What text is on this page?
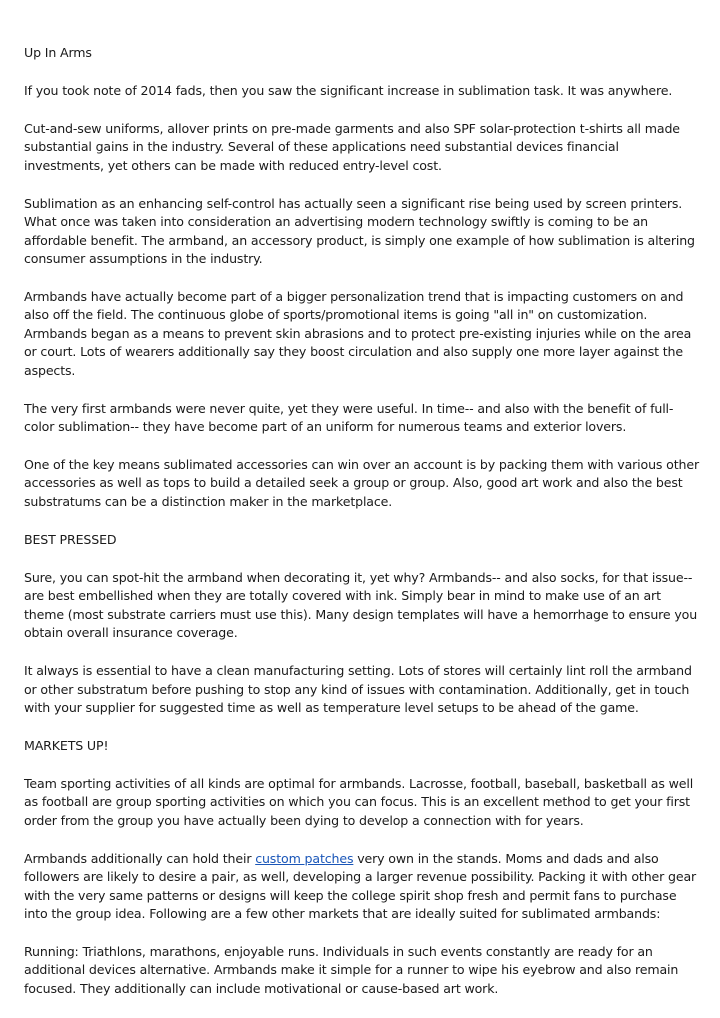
Up In Arms

If you took note of 2014 fads, then you saw the significant increase in sublimation task. It was anywhere.

Cut-and-sew uniforms, allover prints on pre-made garments and also SPF solar-protection t-shirts all made substantial gains in the industry. Several of these applications need substantial devices financial investments, yet others can be made with reduced entry-level cost.

Sublimation as an enhancing self-control has actually seen a significant rise being used by screen printers. What once was taken into consideration an advertising modern technology swiftly is coming to be an affordable benefit. The armband, an accessory product, is simply one example of how sublimation is altering consumer assumptions in the industry.

Armbands have actually become part of a bigger personalization trend that is impacting customers on and also off the field. The continuous globe of sports/promotional items is going "all in" on customization. Armbands began as a means to prevent skin abrasions and to protect pre-existing injuries while on the area or court. Lots of wearers additionally say they boost circulation and also supply one more layer against the aspects.

The very first armbands were never quite, yet they were useful. In time-- and also with the benefit of full-color sublimation-- they have become part of an uniform for numerous teams and exterior lovers.

One of the key means sublimated accessories can win over an account is by packing them with various other accessories as well as tops to build a detailed seek a group or group. Also, good art work and also the best substratums can be a distinction maker in the marketplace.

BEST PRESSED

Sure, you can spot-hit the armband when decorating it, yet why? Armbands-- and also socks, for that issue-- are best embellished when they are totally covered with ink. Simply bear in mind to make use of an art theme (most substrate carriers must use this). Many design templates will have a hemorrhage to ensure you obtain overall insurance coverage.

It always is essential to have a clean manufacturing setting. Lots of stores will certainly lint roll the armband or other substratum before pushing to stop any kind of issues with contamination. Additionally, get in touch with your supplier for suggested time as well as temperature level setups to be ahead of the game.

MARKETS UP!

Team sporting activities of all kinds are optimal for armbands. Lacrosse, football, baseball, basketball as well as football are group sporting activities on which you can focus. This is an excellent method to get your first order from the group you have actually been dying to develop a connection with for years.

Armbands additionally can hold their custom patches very own in the stands. Moms and dads and also followers are likely to desire a pair, as well, developing a larger revenue possibility. Packing it with other gear with the very same patterns or designs will keep the college spirit shop fresh and permit fans to purchase into the group idea. Following are a few other markets that are ideally suited for sublimated armbands:

Running: Triathlons, marathons, enjoyable runs. Individuals in such events constantly are ready for an additional devices alternative. Armbands make it simple for a runner to wipe his eyebrow and also remain focused. They additionally can include motivational or cause-based art work.
